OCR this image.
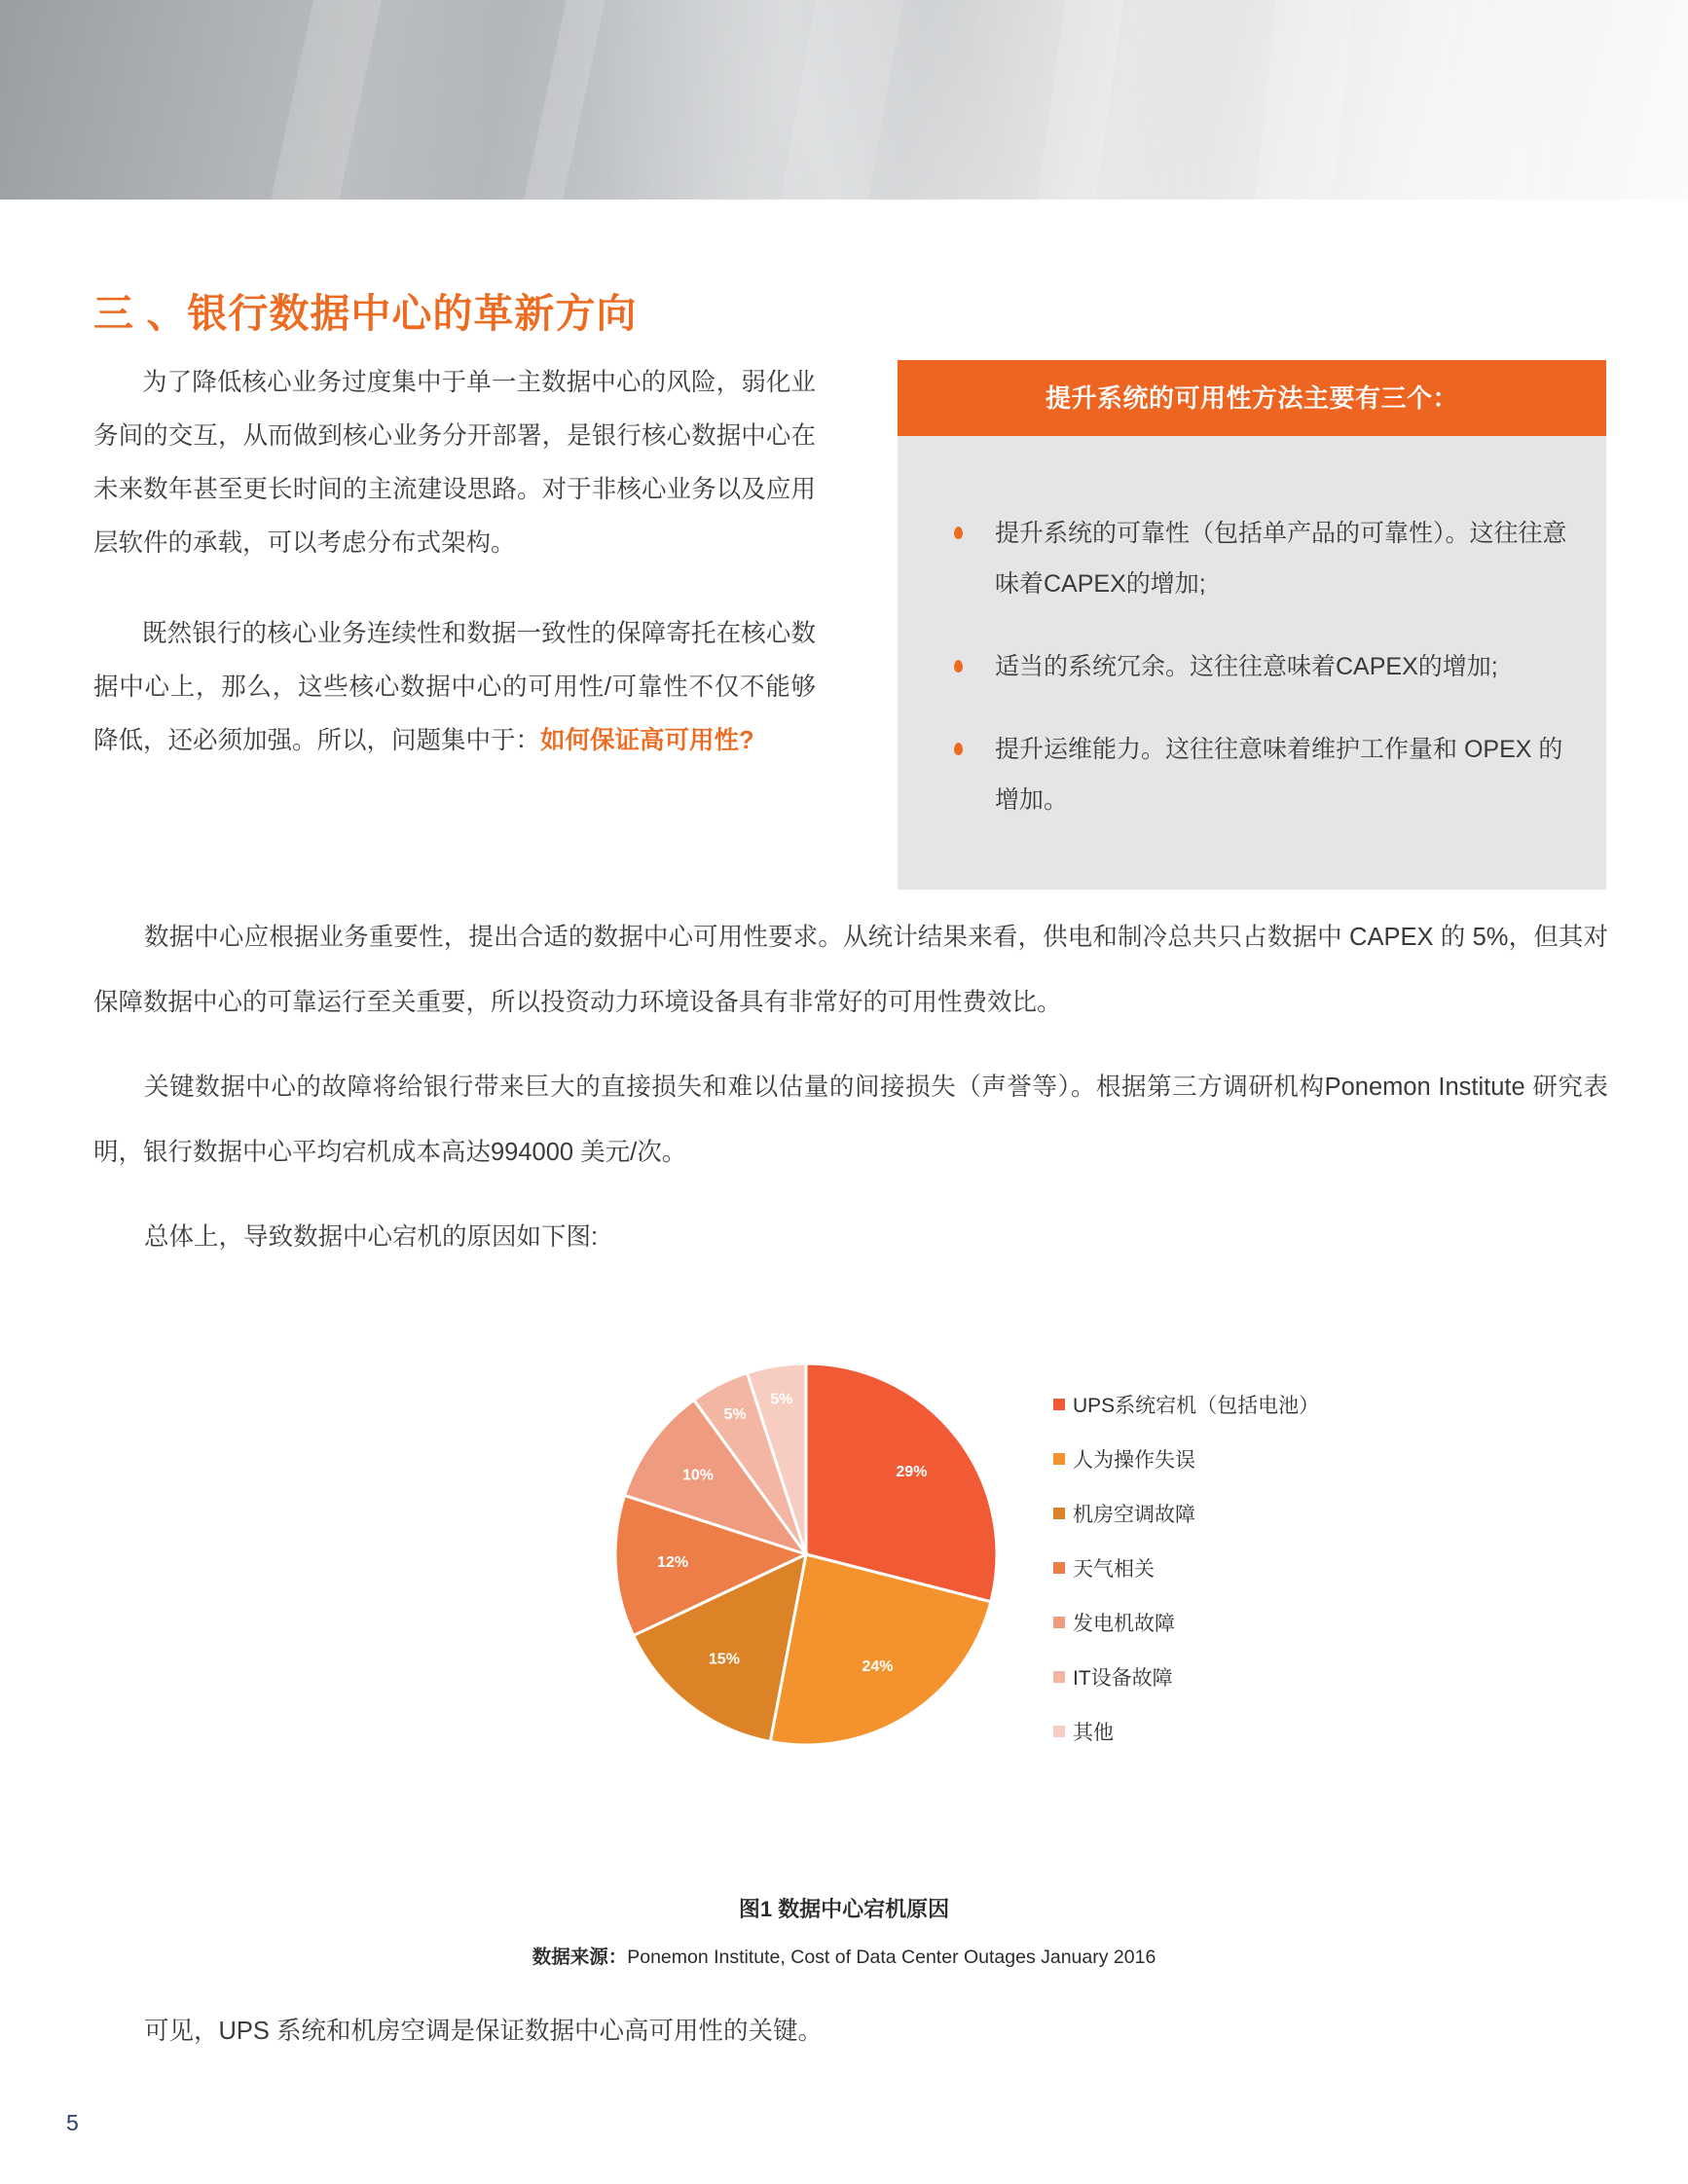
三 、银行数据中心的革新方向

为了降低核心业务过度集中于单一主数据中心的风险，弱化业务间的交互，从而做到核心业务分开部署，是银行核心数据中心在未来数年甚至更长时间的主流建设思路。对于非核心业务以及应用层软件的承载，可以考虑分布式架构。

既然银行的核心业务连续性和数据一致性的保障寄托在核心数据中心上，那么，这些核心数据中心的可用性/可靠性不仅不能够降低，还必须加强。所以，问题集中于：如何保证高可用性?

提升系统的可用性方法主要有三个：
提升系统的可靠性（包括单产品的可靠性）。这往往意味着CAPEX的增加;
适当的系统冗余。这往往意味着CAPEX的增加;
提升运维能力。这往往意味着维护工作量和 OPEX 的增加。

数据中心应根据业务重要性，提出合适的数据中心可用性要求。从统计结果来看，供电和制冷总共只占数据中 CAPEX 的 5%，但其对保障数据中心的可靠运行至关重要，所以投资动力环境设备具有非常好的可用性费效比。

关键数据中心的故障将给银行带来巨大的直接损失和难以估量的间接损失（声誉等）。根据第三方调研机构Ponemon Institute 研究表明，银行数据中心平均宕机成本高达994000 美元/次。

总体上，导致数据中心宕机的原因如下图:

29%
24%
15%
12%
10%
5%
5%	UPS系统宕机（包括电池）
人为操作失误
机房空调故障
天气相关
发电机故障
IT设备故障
其他
图1 数据中心宕机原因
数据来源：Ponemon Institute, Cost of Data Center Outages January 2016

可见，UPS 系统和机房空调是保证数据中心高可用性的关键。

5
